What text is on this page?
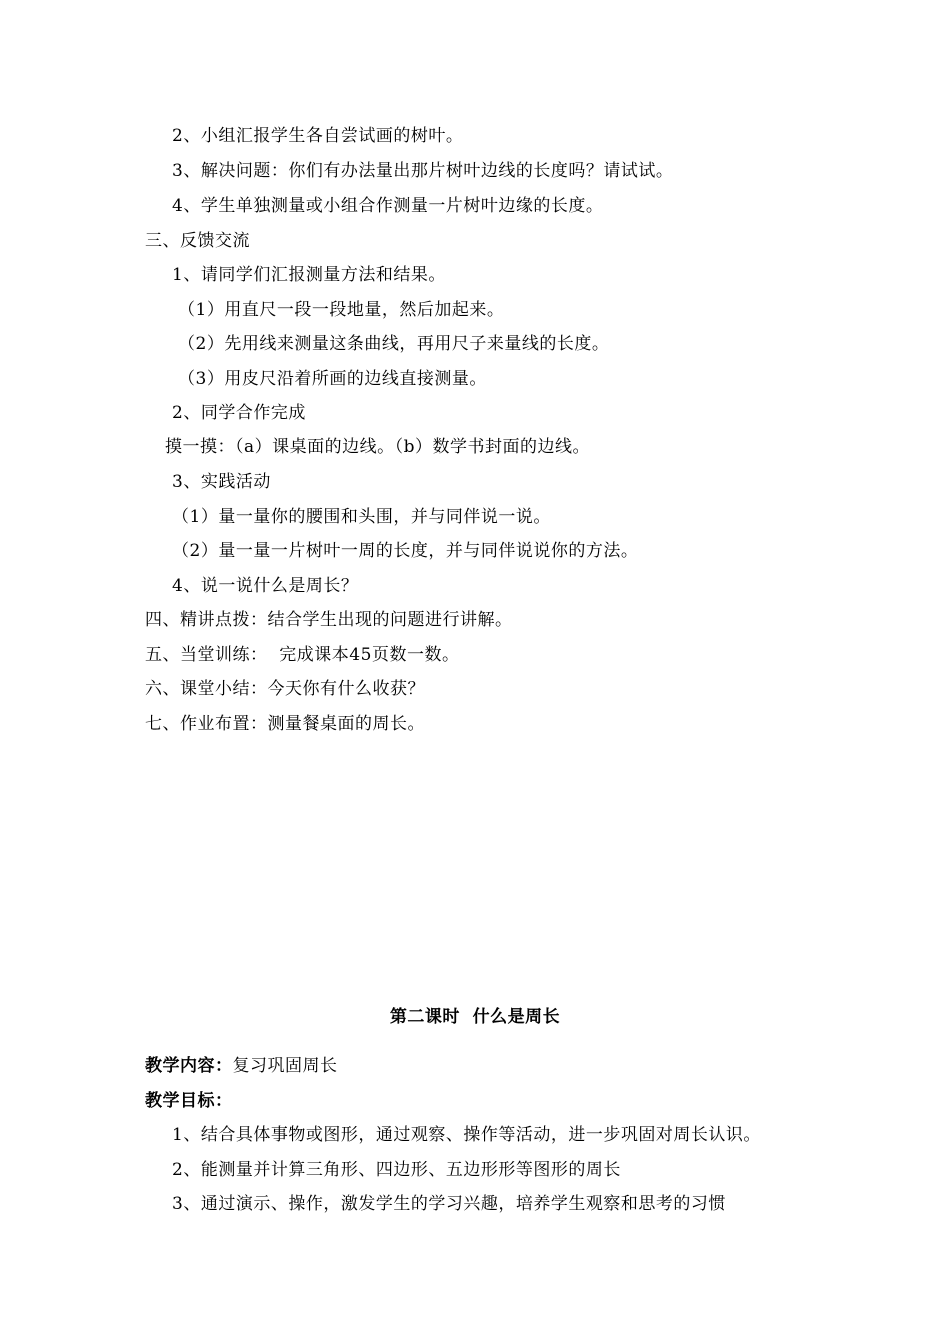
2、小组汇报学生各自尝试画的树叶。
3、解决问题：你们有办法量出那片树叶边线的长度吗？请试试。
4、学生单独测量或小组合作测量一片树叶边缘的长度。
三、反馈交流
1、请同学们汇报测量方法和结果。
（1）用直尺一段一段地量，然后加起来。
（2）先用线来测量这条曲线，再用尺子来量线的长度。
（3）用皮尺沿着所画的边线直接测量。
2、同学合作完成
摸一摸：（a）课桌面的边线。（b）数学书封面的边线。
3、实践活动
（1）量一量你的腰围和头围，并与同伴说一说。
（2）量一量一片树叶一周的长度，并与同伴说说你的方法。
4、说一说什么是周长？
四、精讲点拨：结合学生出现的问题进行讲解。
五、当堂训练：  完成课本45页数一数。
六、课堂小结：今天你有什么收获？
七、作业布置：测量餐桌面的周长。
第二课时  什么是周长
教学内容：复习巩固周长
教学目标：
1、结合具体事物或图形，通过观察、操作等活动，进一步巩固对周长认识。
2、能测量并计算三角形、四边形、五边形形等图形的周长
3、通过演示、操作，激发学生的学习兴趣，培养学生观察和思考的习惯
